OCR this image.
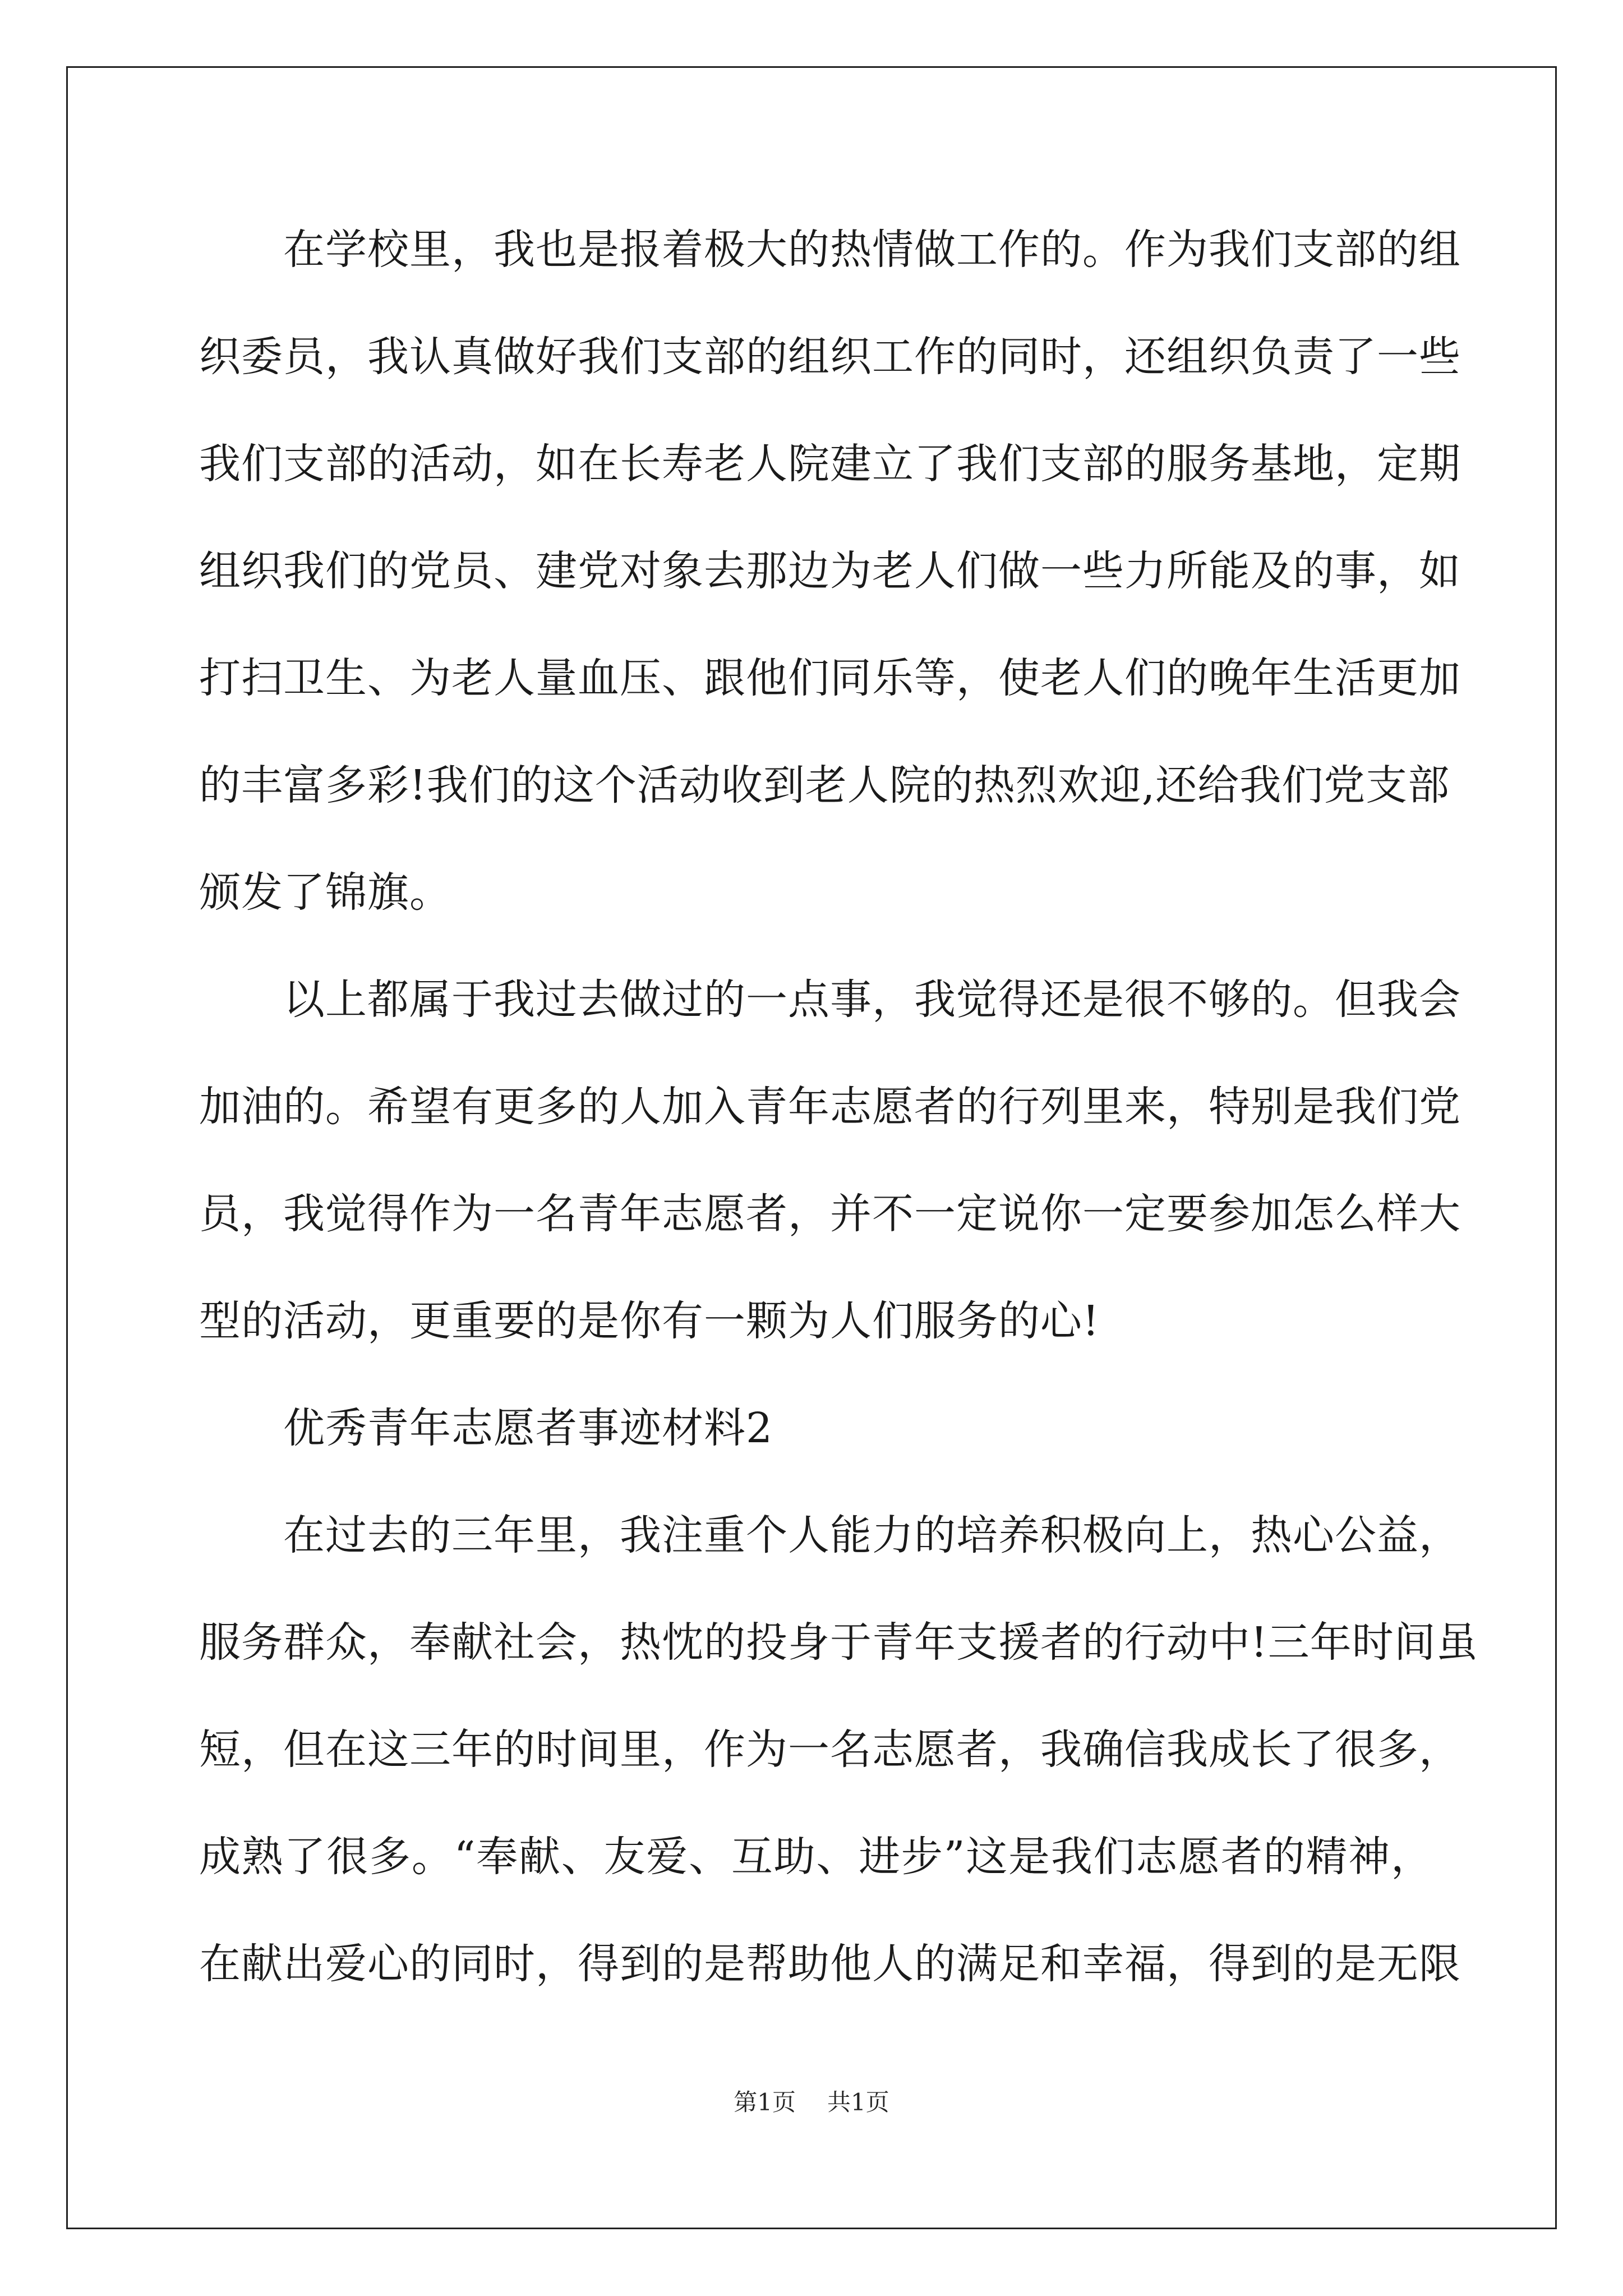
在学校里，我也是报着极大的热情做工作的。作为我们支部的组
织委员，我认真做好我们支部的组织工作的同时，还组织负责了一些
我们支部的活动，如在长寿老人院建立了我们支部的服务基地，定期
组织我们的党员、建党对象去那边为老人们做一些力所能及的事，如
打扫卫生、为老人量血压、跟他们同乐等，使老人们的晚年生活更加
的丰富多彩!我们的这个活动收到老人院的热烈欢迎,还给我们党支部
颁发了锦旗。
以上都属于我过去做过的一点事，我觉得还是很不够的。但我会
加油的。希望有更多的人加入青年志愿者的行列里来，特别是我们党
员，我觉得作为一名青年志愿者，并不一定说你一定要参加怎么样大
型的活动，更重要的是你有一颗为人们服务的心!
优秀青年志愿者事迹材料2
在过去的三年里，我注重个人能力的培养积极向上，热心公益，
服务群众，奉献社会，热忱的投身于青年支援者的行动中!三年时间虽
短，但在这三年的时间里，作为一名志愿者，我确信我成长了很多，
成熟了很多。“奉献、友爱、互助、进步”这是我们志愿者的精神，
在献出爱心的同时，得到的是帮助他人的满足和幸福，得到的是无限
第1页 共1页
